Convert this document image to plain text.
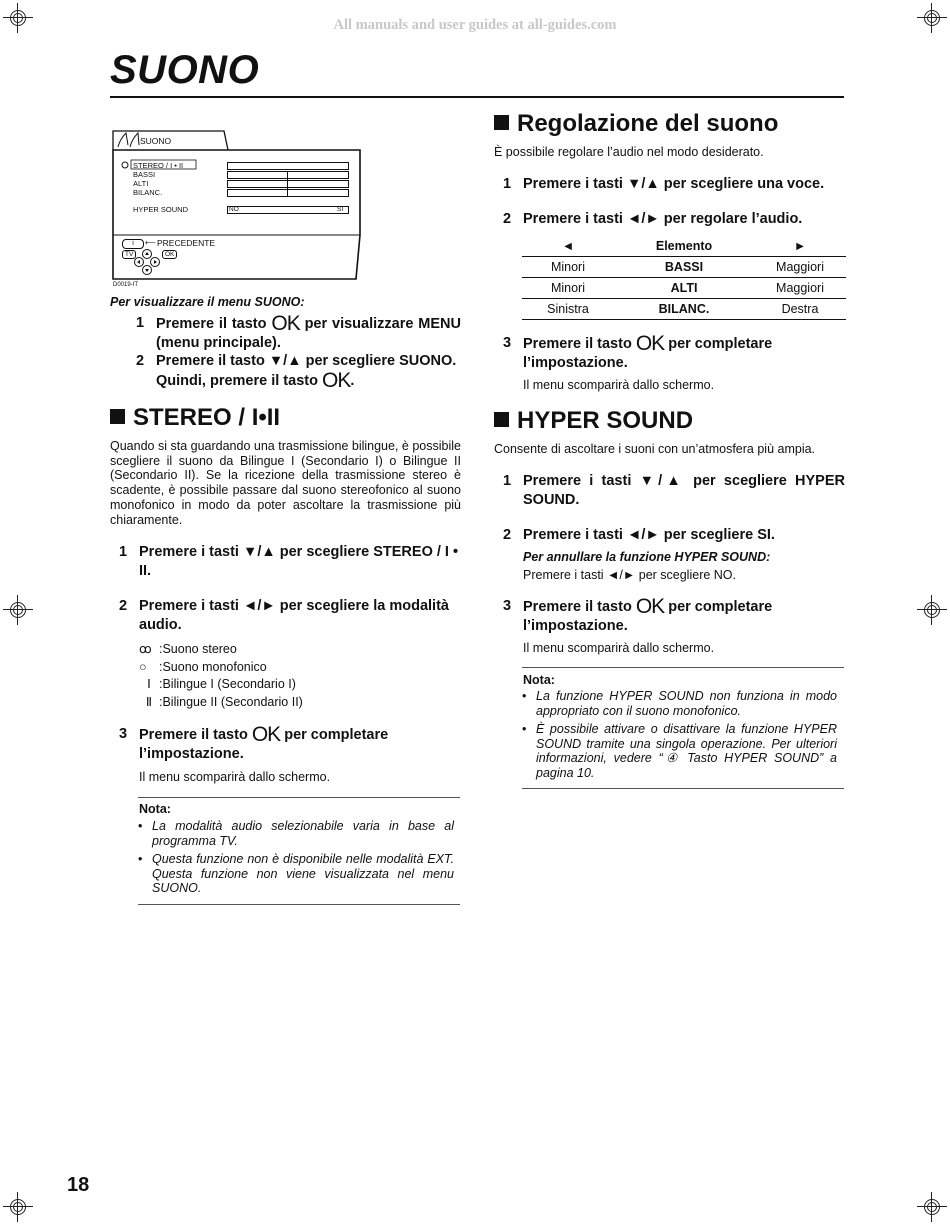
All manuals and user guides at all-guides.com
SUONO
SUONO
STEREO / I • II
BASSI
ALTI
BILANC.
HYPER SOUND	NO	SI
i	⟵ PRECEDENTE
TV	OK
D0019-IT
Per visualizzare il menu SUONO:
1 Premere il tasto OK per visualizzare MENU (menu principale).
2 Premere il tasto ▼/▲ per scegliere SUONO.
Quindi, premere il tasto OK.
STEREO / I•II
Quando si sta guardando una trasmissione bilingue, è possibile scegliere il suono da Bilingue I (Secondario I) o Bilingue II (Secondario II). Se la ricezione della trasmissione stereo è scadente, è possibile passare dal suono stereofonico al suono monofonico in modo da poter ascoltare la trasmissione più chiaramente.
1 Premere i tasti ▼/▲ per scegliere STEREO / I • II.
2 Premere i tasti ◄/► per scegliere la modalità audio.
ꝏ :Suono stereo
○ :Suono monofonico
Ⅰ :Bilingue I (Secondario I)
Ⅱ :Bilingue II (Secondario II)
3 Premere il tasto OK per completare l’impostazione.
Il menu scomparirà dallo schermo.
Nota:
• La modalità audio selezionabile varia in base al programma TV.
• Questa funzione non è disponibile nelle modalità EXT. Questa funzione non viene visualizzata nel menu SUONO.
Regolazione del suono
È possibile regolare l’audio nel modo desiderato.
1 Premere i tasti ▼/▲ per scegliere una voce.
2 Premere i tasti ◄/► per regolare l’audio.
◄	Elemento	►
Minori	BASSI	Maggiori
Minori	ALTI	Maggiori
Sinistra	BILANC.	Destra
3 Premere il tasto OK per completare l’impostazione.
Il menu scomparirà dallo schermo.
HYPER SOUND
Consente di ascoltare i suoni con un’atmosfera più ampia.
1 Premere i tasti ▼/▲ per scegliere HYPER SOUND.
2 Premere i tasti ◄/► per scegliere SI.
Per annullare la funzione HYPER SOUND:
Premere i tasti ◄/► per scegliere NO.
3 Premere il tasto OK per completare l’impostazione.
Il menu scomparirà dallo schermo.
Nota:
• La funzione HYPER SOUND non funziona in modo appropriato con il suono monofonico.
• È possibile attivare o disattivare la funzione HYPER SOUND tramite una singola operazione. Per ulteriori informazioni, vedere “④ Tasto HYPER SOUND” a pagina 10.
18
